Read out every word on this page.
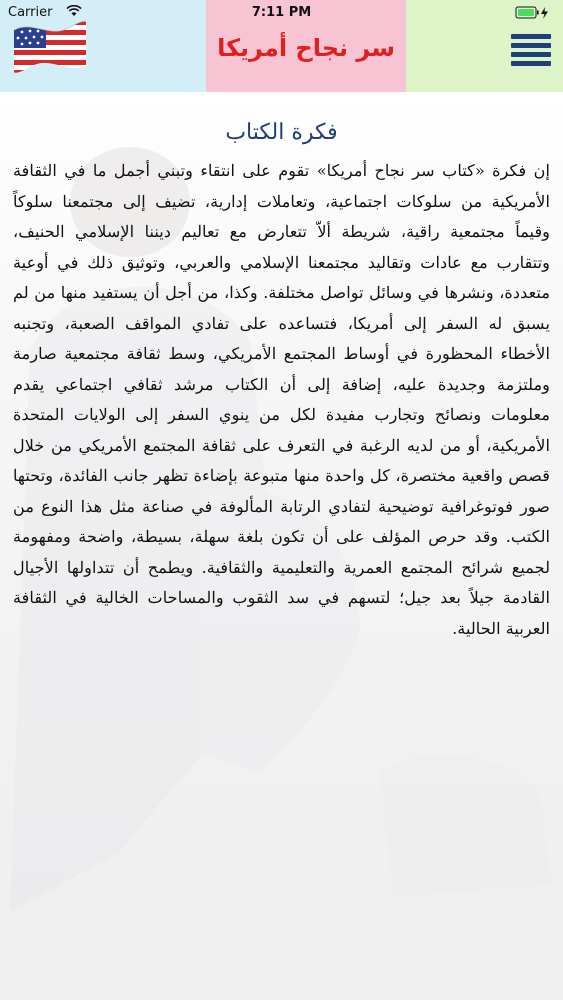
سر نجاح أمريكا
Carrier	7:11 PM
فكرة الكتاب
إن فكرة «كتاب سر نجاح أمريكا» تقوم على انتقاء وتبني أجمل ما في الثقافة الأمريكية من سلوكات اجتماعية، وتعاملات إدارية، تضيف إلى مجتمعنا سلوكاً وقيماً مجتمعية راقية، شريطة ألاّ تتعارض مع تعاليم ديننا الإسلامي الحنيف، وتتقارب مع عادات وتقاليد مجتمعنا الإسلامي والعربي، وتوثيق ذلك في أوعية متعددة، ونشرها في وسائل تواصل مختلفة. وكذا، من أجل أن يستفيد منها من لم يسبق له السفر إلى أمريكا، فتساعده على تفادي المواقف الصعبة، وتجنبه الأخطاء المحظورة في أوساط المجتمع الأمريكي، وسط ثقافة مجتمعية صارمة وملتزمة وجديدة عليه، إضافة إلى أن الكتاب مرشد ثقافي اجتماعي يقدم معلومات ونصائح وتجارب مفيدة لكل من ينوي السفر إلى الولايات المتحدة الأمريكية، أو من لديه الرغبة في التعرف على ثقافة المجتمع الأمريكي من خلال قصص واقعية مختصرة، كل واحدة منها متبوعة بإضاءة تظهر جانب الفائدة، وتحتها صور فوتوغرافية توضيحية لتفادي الرتابة المألوفة في صناعة مثل هذا النوع من الكتب. وقد حرص المؤلف على أن تكون بلغة سهلة، بسيطة، واضحة ومفهومة لجميع شرائح المجتمع العمرية والتعليمية والثقافية. ويطمح أن تتداولها الأجيال القادمة جيلاً بعد جيل؛ لتسهم في سد الثقوب والمساحات الخالية في الثقافة العربية الحالية.
